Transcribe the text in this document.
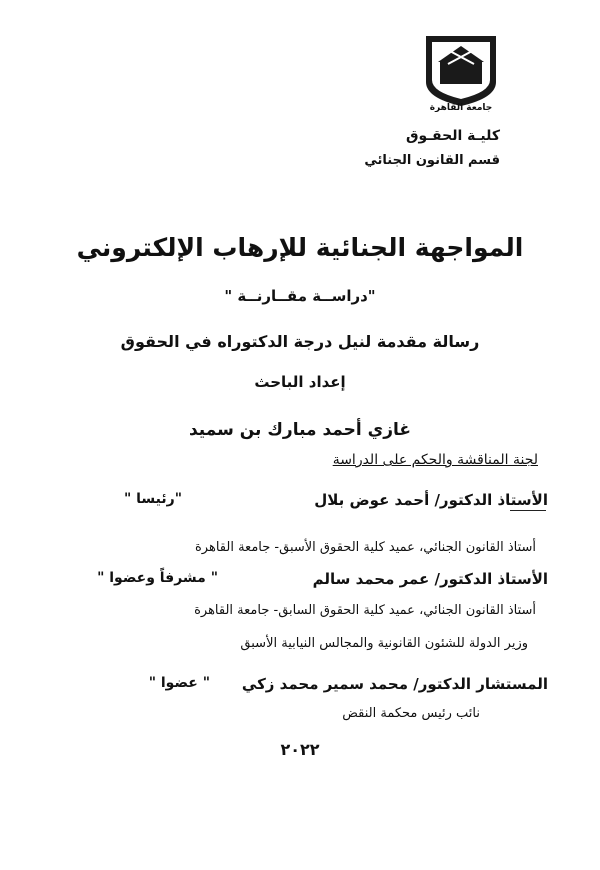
جامعة القاهرة
كليـة الحقـوق
قسم القانون الجنائي
المواجهة الجنائية للإرهاب الإلكتروني
"دراســة مقــارنــة "
رسالة مقدمة لنيل درجة الدكتوراه في الحقوق
إعداد الباحث
غازي أحمد مبارك بن سميد
لجنة المناقشة والحكم على الدراسة
الأستاذ الدكتور/ أحمد عوض بلال
"رئيسا "
أستاذ القانون الجنائي، عميد كلية الحقوق الأسبق- جامعة القاهرة
الأستاذ الدكتور/ عمر محمد سالم
" مشرفاً وعضوا "
أستاذ القانون الجنائي، عميد كلية الحقوق السابق- جامعة القاهرة
وزير الدولة للشئون القانونية والمجالس النيابية الأسبق
المستشار الدكتور/ محمد سمير محمد زكي
" عضوا "
نائب رئيس محكمة النقض
٢٠٢٢
